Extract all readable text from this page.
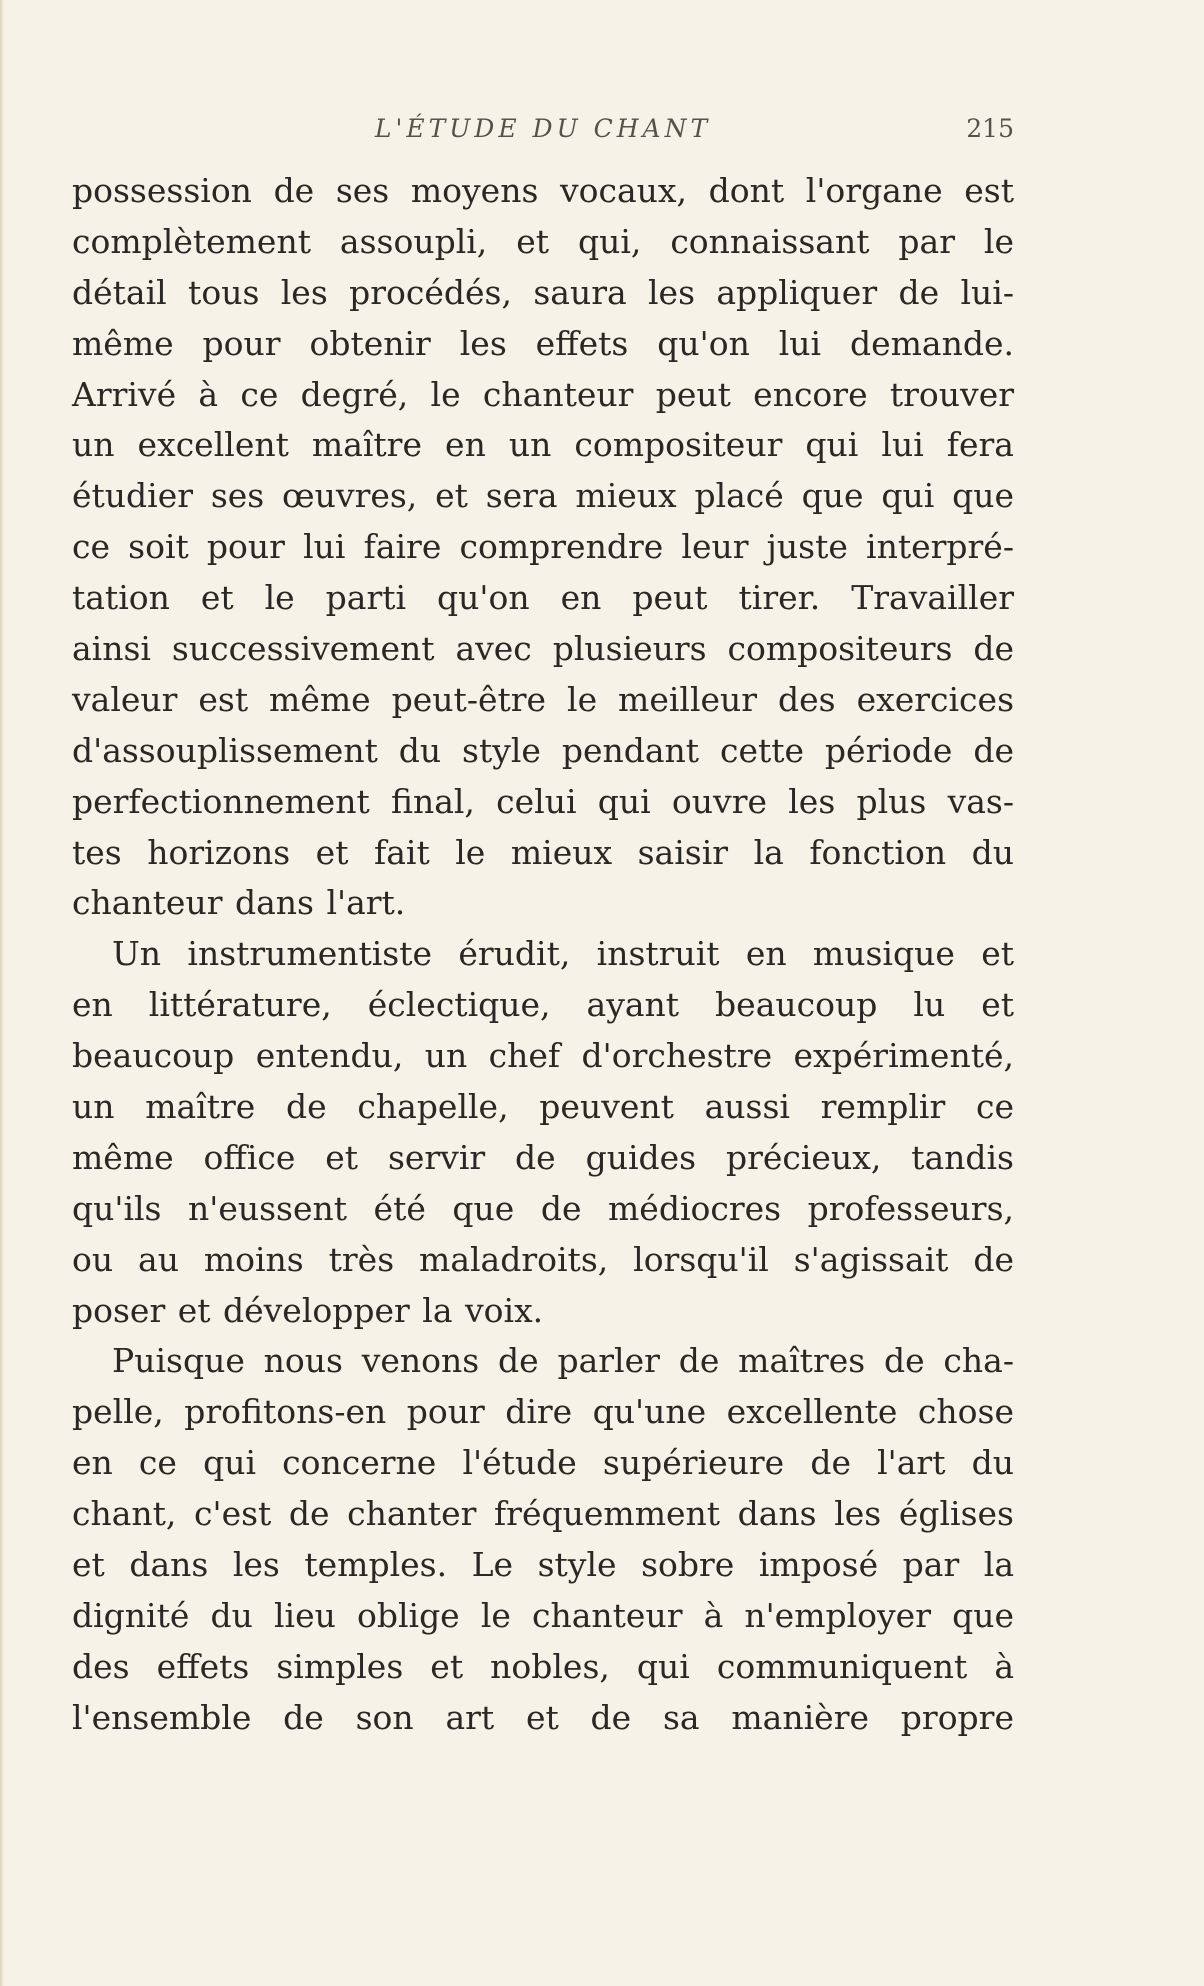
L'ÉTUDE DU CHANT	215
possession de ses moyens vocaux, dont l'organe est
complètement assoupli, et qui, connaissant par le
détail tous les procédés, saura les appliquer de lui-
même pour obtenir les effets qu'on lui demande.
Arrivé à ce degré, le chanteur peut encore trouver
un excellent maître en un compositeur qui lui fera
étudier ses œuvres, et sera mieux placé que qui que
ce soit pour lui faire comprendre leur juste interpré-
tation et le parti qu'on en peut tirer. Travailler
ainsi successivement avec plusieurs compositeurs de
valeur est même peut-être le meilleur des exercices
d'assouplissement du style pendant cette période de
perfectionnement final, celui qui ouvre les plus vas-
tes horizons et fait le mieux saisir la fonction du
chanteur dans l'art.
Un instrumentiste érudit, instruit en musique et
en littérature, éclectique, ayant beaucoup lu et
beaucoup entendu, un chef d'orchestre expérimenté,
un maître de chapelle, peuvent aussi remplir ce
même office et servir de guides précieux, tandis
qu'ils n'eussent été que de médiocres professeurs,
ou au moins très maladroits, lorsqu'il s'agissait de
poser et développer la voix.
Puisque nous venons de parler de maîtres de cha-
pelle, profitons-en pour dire qu'une excellente chose
en ce qui concerne l'étude supérieure de l'art du
chant, c'est de chanter fréquemment dans les églises
et dans les temples. Le style sobre imposé par la
dignité du lieu oblige le chanteur à n'employer que
des effets simples et nobles, qui communiquent à
l'ensemble de son art et de sa manière propre
